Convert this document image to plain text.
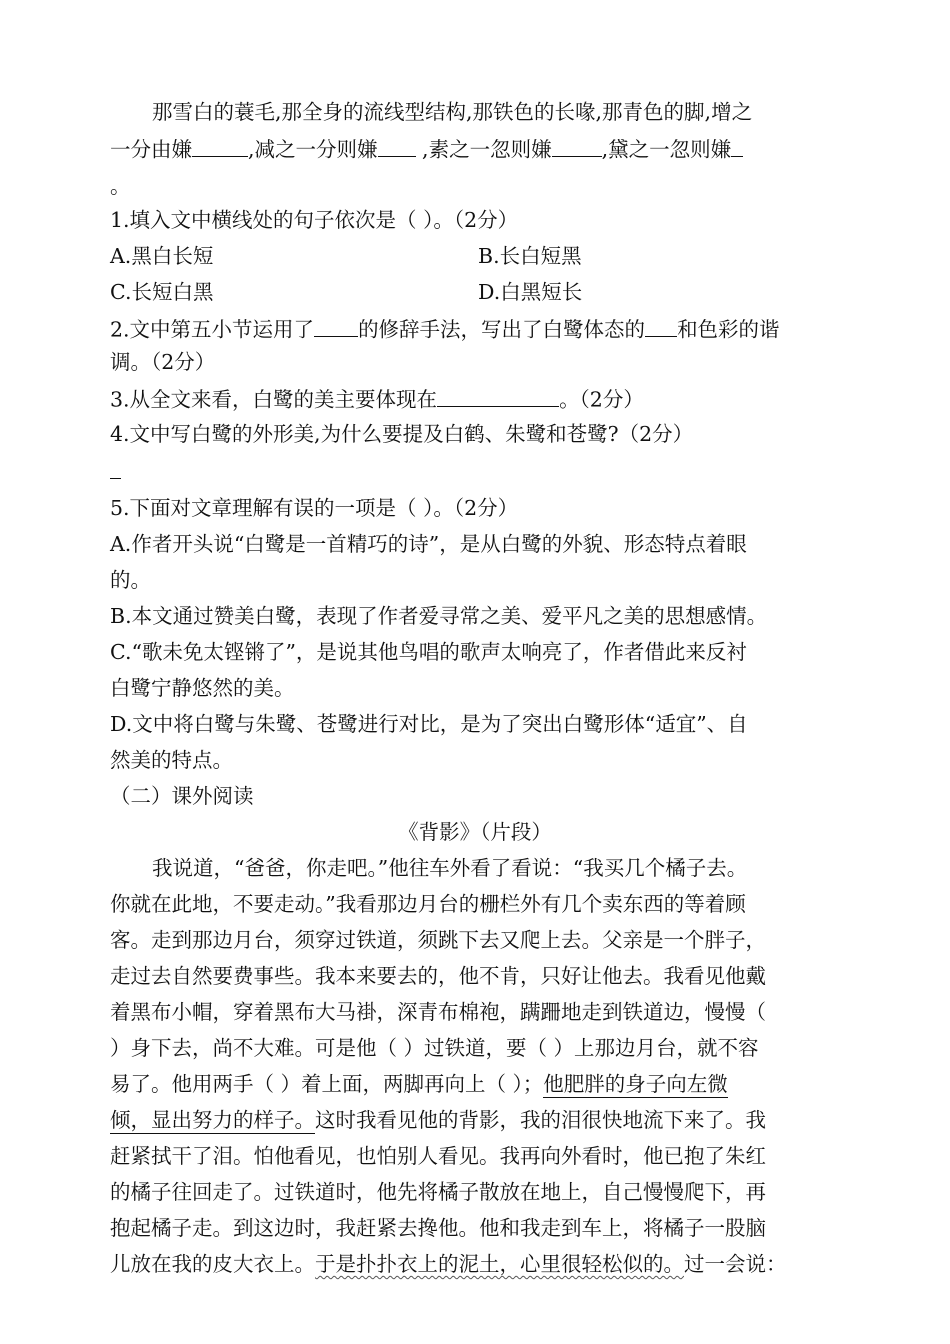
那雪白的蓑毛,那全身的流线型结构,那铁色的长喙,那青色的脚,增之
一分由嫌	,减之一分则嫌 ,素之一忽则嫌 ,黛之一忽则嫌
。
1.填入文中横线处的句子依次是（ ）。（2分）
A.黑白长短	B.长白短黑
C.长短白黑	D.白黑短长
2.文中第五小节运用了 的修辞手法，写出了白鹭体态的 和色彩的谐
调。（2分）
3.从全文来看，白鹭的美主要体现在	。（2分）
4.文中写白鹭的外形美,为什么要提及白鹤、朱鹭和苍鹭?（2分）
5.下面对文章理解有误的一项是（ ）。（2分）
A.作者开头说“白鹭是一首精巧的诗”，是从白鹭的外貌、形态特点着眼
的。
B.本文通过赞美白鹭，表现了作者爱寻常之美、爱平凡之美的思想感情。
C.“歌未免太铿锵了”，是说其他鸟唱的歌声太响亮了，作者借此来反衬
白鹭宁静悠然的美。
D.文中将白鹭与朱鹭、苍鹭进行对比，是为了突出白鹭形体“适宜”、自
然美的特点。
（二）课外阅读
《背影》（片段）
我说道，“爸爸，你走吧。”他往车外看了看说：“我买几个橘子去。
你就在此地，不要走动。”我看那边月台的栅栏外有几个卖东西的等着顾
客。走到那边月台，须穿过铁道，须跳下去又爬上去。父亲是一个胖子，
走过去自然要费事些。我本来要去的，他不肯，只好让他去。我看见他戴
着黑布小帽，穿着黑布大马褂，深青布棉袍，蹒跚地走到铁道边，慢慢（
）身下去，尚不大难。可是他（ ）过铁道，要（ ）上那边月台，就不容
易了。他用两手（ ）着上面，两脚再向上（ ）；他肥胖的身子向左微
倾，显出努力的样子。这时我看见他的背影，我的泪很快地流下来了。我
赶紧拭干了泪。怕他看见，也怕别人看见。我再向外看时，他已抱了朱红
的橘子往回走了。过铁道时，他先将橘子散放在地上，自己慢慢爬下，再
抱起橘子走。到这边时，我赶紧去搀他。他和我走到车上，将橘子一股脑
儿放在我的皮大衣上。于是扑扑衣上的泥土，心里很轻松似的。过一会说：
